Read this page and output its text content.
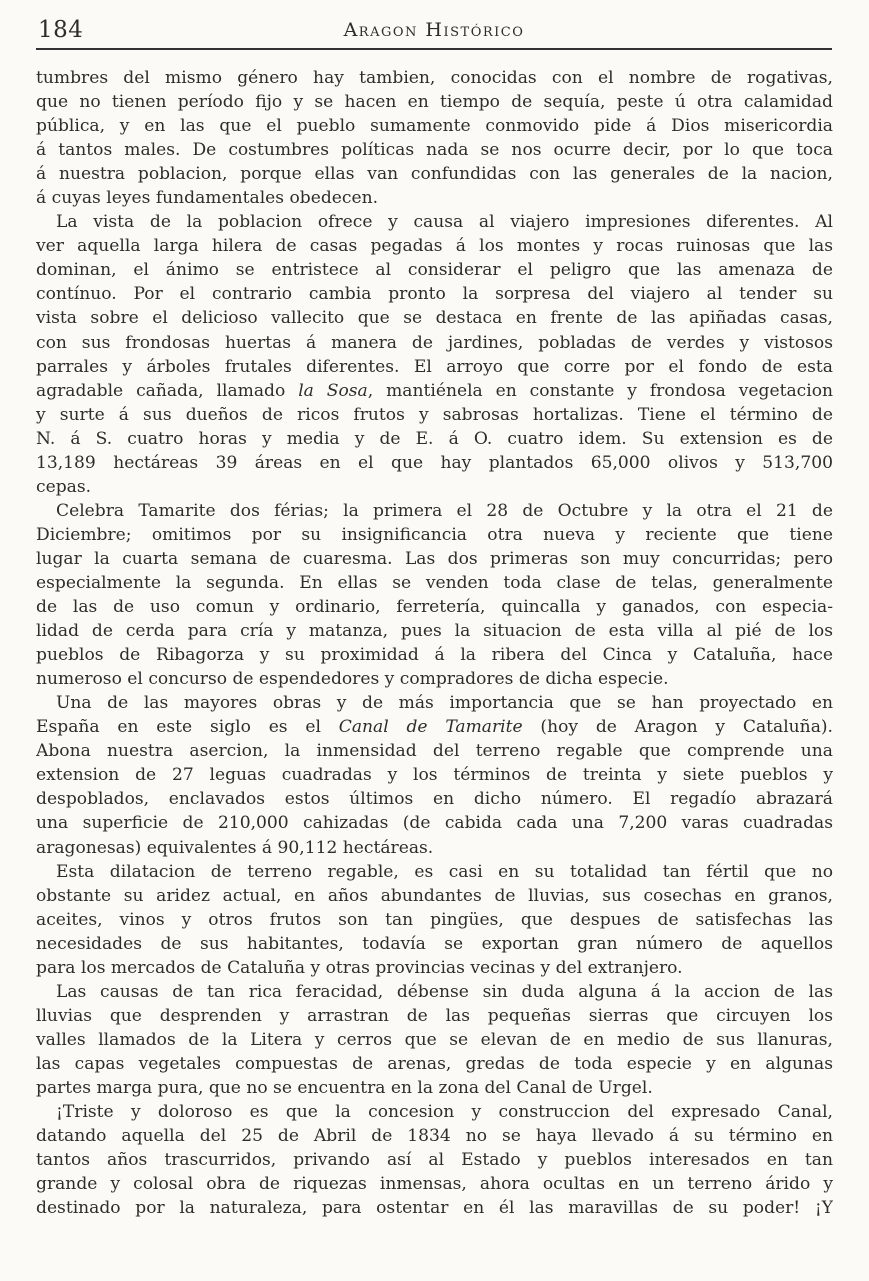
184	Aragon Histórico
tumbres del mismo género hay tambien, conocidas con el nombre de rogativas,
que no tienen período fijo y se hacen en tiempo de sequía, peste ú otra calamidad
pública, y en las que el pueblo sumamente conmovido pide á Dios misericordia
á tantos males. De costumbres políticas nada se nos ocurre decir, por lo que toca
á nuestra poblacion, porque ellas van confundidas con las generales de la nacion,
á cuyas leyes fundamentales obedecen.
La vista de la poblacion ofrece y causa al viajero impresiones diferentes. Al
ver aquella larga hilera de casas pegadas á los montes y rocas ruinosas que las
dominan, el ánimo se entristece al considerar el peligro que las amenaza de
contínuo. Por el contrario cambia pronto la sorpresa del viajero al tender su
vista sobre el delicioso vallecito que se destaca en frente de las apiñadas casas,
con sus frondosas huertas á manera de jardines, pobladas de verdes y vistosos
parrales y árboles frutales diferentes. El arroyo que corre por el fondo de esta
agradable cañada, llamado la Sosa, mantiénela en constante y frondosa vegetacion
y surte á sus dueños de ricos frutos y sabrosas hortalizas. Tiene el término de
N. á S. cuatro horas y media y de E. á O. cuatro idem. Su extension es de
13,189 hectáreas 39 áreas en el que hay plantados 65,000 olivos y 513,700
cepas.
Celebra Tamarite dos férias; la primera el 28 de Octubre y la otra el 21 de
Diciembre; omitimos por su insignificancia otra nueva y reciente que tiene
lugar la cuarta semana de cuaresma. Las dos primeras son muy concurridas; pero
especialmente la segunda. En ellas se venden toda clase de telas, generalmente
de las de uso comun y ordinario, ferretería, quincalla y ganados, con especia-
lidad de cerda para cría y matanza, pues la situacion de esta villa al pié de los
pueblos de Ribagorza y su proximidad á la ribera del Cinca y Cataluña, hace
numeroso el concurso de espendedores y compradores de dicha especie.
Una de las mayores obras y de más importancia que se han proyectado en
España en este siglo es el Canal de Tamarite (hoy de Aragon y Cataluña).
Abona nuestra asercion, la inmensidad del terreno regable que comprende una
extension de 27 leguas cuadradas y los términos de treinta y siete pueblos y
despoblados, enclavados estos últimos en dicho número. El regadío abrazará
una superficie de 210,000 cahizadas (de cabida cada una 7,200 varas cuadradas
aragonesas) equivalentes á 90,112 hectáreas.
Esta dilatacion de terreno regable, es casi en su totalidad tan fértil que no
obstante su aridez actual, en años abundantes de lluvias, sus cosechas en granos,
aceites, vinos y otros frutos son tan pingües, que despues de satisfechas las
necesidades de sus habitantes, todavía se exportan gran número de aquellos
para los mercados de Cataluña y otras provincias vecinas y del extranjero.
Las causas de tan rica feracidad, débense sin duda alguna á la accion de las
lluvias que desprenden y arrastran de las pequeñas sierras que circuyen los
valles llamados de la Litera y cerros que se elevan de en medio de sus llanuras,
las capas vegetales compuestas de arenas, gredas de toda especie y en algunas
partes marga pura, que no se encuentra en la zona del Canal de Urgel.
¡Triste y doloroso es que la concesion y construccion del expresado Canal,
datando aquella del 25 de Abril de 1834 no se haya llevado á su término en
tantos años trascurridos, privando así al Estado y pueblos interesados en tan
grande y colosal obra de riquezas inmensas, ahora ocultas en un terreno árido y
destinado por la naturaleza, para ostentar en él las maravillas de su poder! ¡Y
